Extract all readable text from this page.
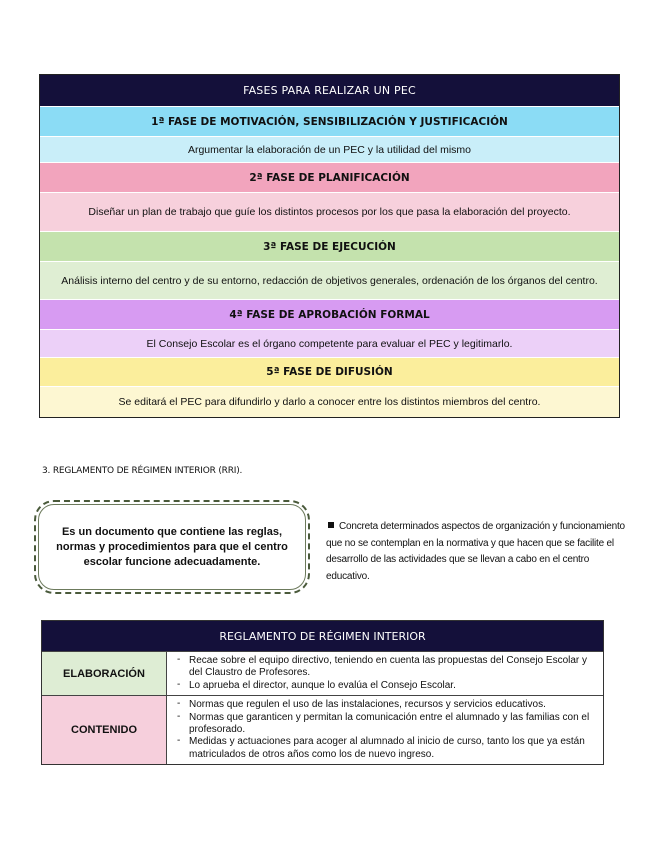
FASES PARA REALIZAR UN PEC
1ª FASE DE MOTIVACIÓN, SENSIBILIZACIÓN Y JUSTIFICACIÓN
Argumentar la elaboración de un PEC y la utilidad del mismo
2ª FASE DE PLANIFICACIÓN
Diseñar un plan de trabajo que guíe los distintos procesos por los que pasa la elaboración del proyecto.
3ª FASE DE EJECUCIÓN
Análisis interno del centro y de su entorno, redacción de objetivos generales, ordenación de los órganos del centro.
4ª FASE DE APROBACIÓN FORMAL
El Consejo Escolar es el órgano competente para evaluar el PEC y legitimarlo.
5ª FASE DE DIFUSIÓN
Se editará el PEC para difundirlo y darlo a conocer entre los distintos miembros del centro.
3. REGLAMENTO DE RÉGIMEN INTERIOR (RRI).
Es un documento que contiene las reglas, normas y procedimientos para que el centro escolar funcione adecuadamente.
Concreta determinados aspectos de organización y funcionamiento que no se contemplan en la normativa y que hacen que se facilite el desarrollo de las actividades que se llevan a cabo en el centro educativo.
REGLAMENTO DE RÉGIMEN INTERIOR
ELABORACIÓN
- Recae sobre el equipo directivo, teniendo en cuenta las propuestas del Consejo Escolar y del Claustro de Profesores.
- Lo aprueba el director, aunque lo evalúa el Consejo Escolar.
CONTENIDO
- Normas que regulen el uso de las instalaciones, recursos y servicios educativos.
- Normas que garanticen y permitan la comunicación entre el alumnado y las familias con el profesorado.
- Medidas y actuaciones para acoger al alumnado al inicio de curso, tanto los que ya están matriculados de otros años como los de nuevo ingreso.
